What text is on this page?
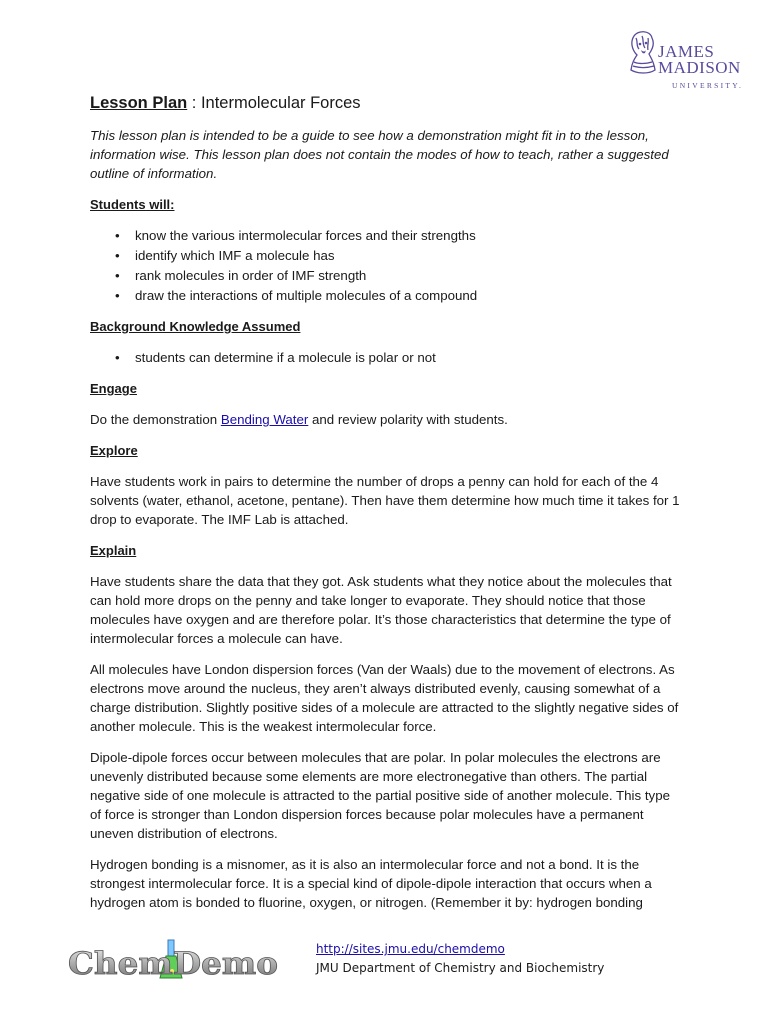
JAMES
MADISON
UNIVERSITY.
Lesson Plan : Intermolecular Forces

This lesson plan is intended to be a guide to see how a demonstration might fit in to the lesson, information wise. This lesson plan does not contain the modes of how to teach, rather a suggested outline of information.

Students will:
• know the various intermolecular forces and their strengths
• identify which IMF a molecule has
• rank molecules in order of IMF strength
• draw the interactions of multiple molecules of a compound
Background Knowledge Assumed
• students can determine if a molecule is polar or not
Engage

Do the demonstration Bending Water and review polarity with students.

Explore

Have students work in pairs to determine the number of drops a penny can hold for each of the 4 solvents (water, ethanol, acetone, pentane). Then have them determine how much time it takes for 1 drop to evaporate. The IMF Lab is attached.

Explain

Have students share the data that they got. Ask students what they notice about the molecules that can hold more drops on the penny and take longer to evaporate. They should notice that those molecules have oxygen and are therefore polar. It’s those characteristics that determine the type of intermolecular forces a molecule can have.

All molecules have London dispersion forces (Van der Waals) due to the movement of electrons. As electrons move around the nucleus, they aren’t always distributed evenly, causing somewhat of a charge distribution. Slightly positive sides of a molecule are attracted to the slightly negative sides of another molecule. This is the weakest intermolecular force.

Dipole-dipole forces occur between molecules that are polar. In polar molecules the electrons are unevenly distributed because some elements are more electronegative than others. The partial negative side of one molecule is attracted to the partial positive side of another molecule. This type of force is stronger than London dispersion forces because polar molecules have a permanent uneven distribution of electrons.

Hydrogen bonding is a misnomer, as it is also an intermolecular force and not a bond. It is the strongest intermolecular force. It is a special kind of dipole-dipole interaction that occurs when a hydrogen atom is bonded to fluorine, oxygen, or nitrogen. (Remember it by: hydrogen bonding

ChemDemo	http://sites.jmu.edu/chemdemo
JMU Department of Chemistry and Biochemistry
